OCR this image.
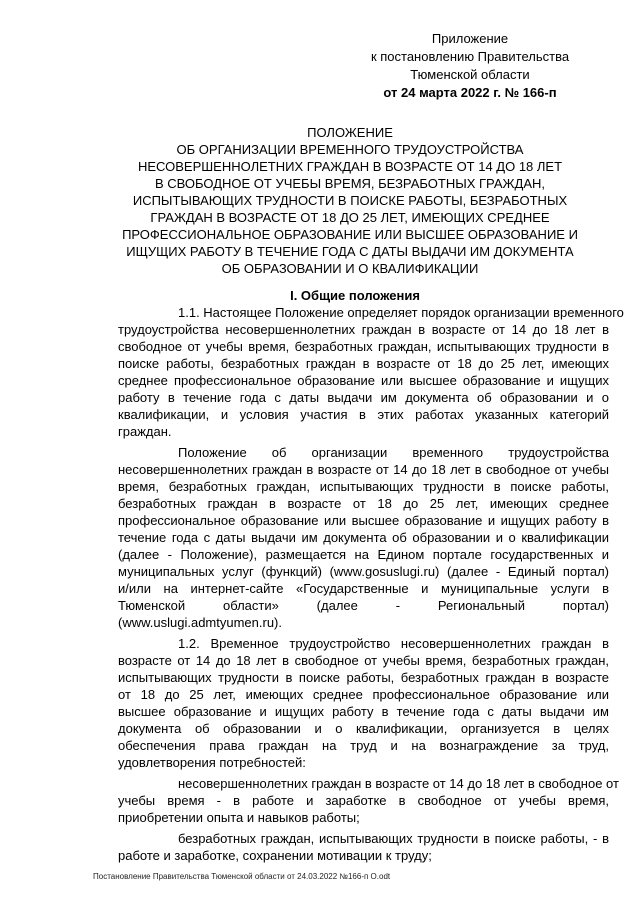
Приложение
к постановлению Правительства
Тюменской области
от 24 марта 2022 г. № 166-п
ПОЛОЖЕНИЕ
ОБ ОРГАНИЗАЦИИ ВРЕМЕННОГО ТРУДОУСТРОЙСТВА
НЕСОВЕРШЕННОЛЕТНИХ ГРАЖДАН В ВОЗРАСТЕ ОТ 14 ДО 18 ЛЕТ
В СВОБОДНОЕ ОТ УЧЕБЫ ВРЕМЯ, БЕЗРАБОТНЫХ ГРАЖДАН,
ИСПЫТЫВАЮЩИХ ТРУДНОСТИ В ПОИСКЕ РАБОТЫ, БЕЗРАБОТНЫХ
ГРАЖДАН В ВОЗРАСТЕ ОТ 18 ДО 25 ЛЕТ, ИМЕЮЩИХ СРЕДНЕЕ
ПРОФЕССИОНАЛЬНОЕ ОБРАЗОВАНИЕ ИЛИ ВЫСШЕЕ ОБРАЗОВАНИЕ И
ИЩУЩИХ РАБОТУ В ТЕЧЕНИЕ ГОДА С ДАТЫ ВЫДАЧИ ИМ ДОКУМЕНТА
ОБ ОБРАЗОВАНИИ И О КВАЛИФИКАЦИИ
I. Общие положения
1.1. Настоящее Положение определяет порядок организации временного
трудоустройства несовершеннолетних граждан в возрасте от 14 до 18 лет в
свободное от учебы время, безработных граждан, испытывающих трудности в
поиске работы, безработных граждан в возрасте от 18 до 25 лет, имеющих
среднее профессиональное образование или высшее образование и ищущих
работу в течение года с даты выдачи им документа об образовании и о
квалификации, и условия участия в этих работах указанных категорий
граждан.
Положение об организации временного трудоустройства
несовершеннолетних граждан в возрасте от 14 до 18 лет в свободное от учебы
время, безработных граждан, испытывающих трудности в поиске работы,
безработных граждан в возрасте от 18 до 25 лет, имеющих среднее
профессиональное образование или высшее образование и ищущих работу в
течение года с даты выдачи им документа об образовании и о квалификации
(далее - Положение), размещается на Едином портале государственных и
муниципальных услуг (функций) (www.gosuslugi.ru) (далее - Единый портал)
и/или на интернет-сайте «Государственные и муниципальные услуги в
Тюменской области» (далее - Региональный портал)
(www.uslugi.admtyumen.ru).
1.2. Временное трудоустройство несовершеннолетних граждан в
возрасте от 14 до 18 лет в свободное от учебы время, безработных граждан,
испытывающих трудности в поиске работы, безработных граждан в возрасте
от 18 до 25 лет, имеющих среднее профессиональное образование или
высшее образование и ищущих работу в течение года с даты выдачи им
документа об образовании и о квалификации, организуется в целях
обеспечения права граждан на труд и на вознаграждение за труд,
удовлетворения потребностей:
несовершеннолетних граждан в возрасте от 14 до 18 лет в свободное от
учебы время - в работе и заработке в свободное от учебы время,
приобретении опыта и навыков работы;
безработных граждан, испытывающих трудности в поиске работы, - в
работе и заработке, сохранении мотивации к труду;
Постановление Правительства Тюменской области от 24.03.2022 №166-п О.odt
